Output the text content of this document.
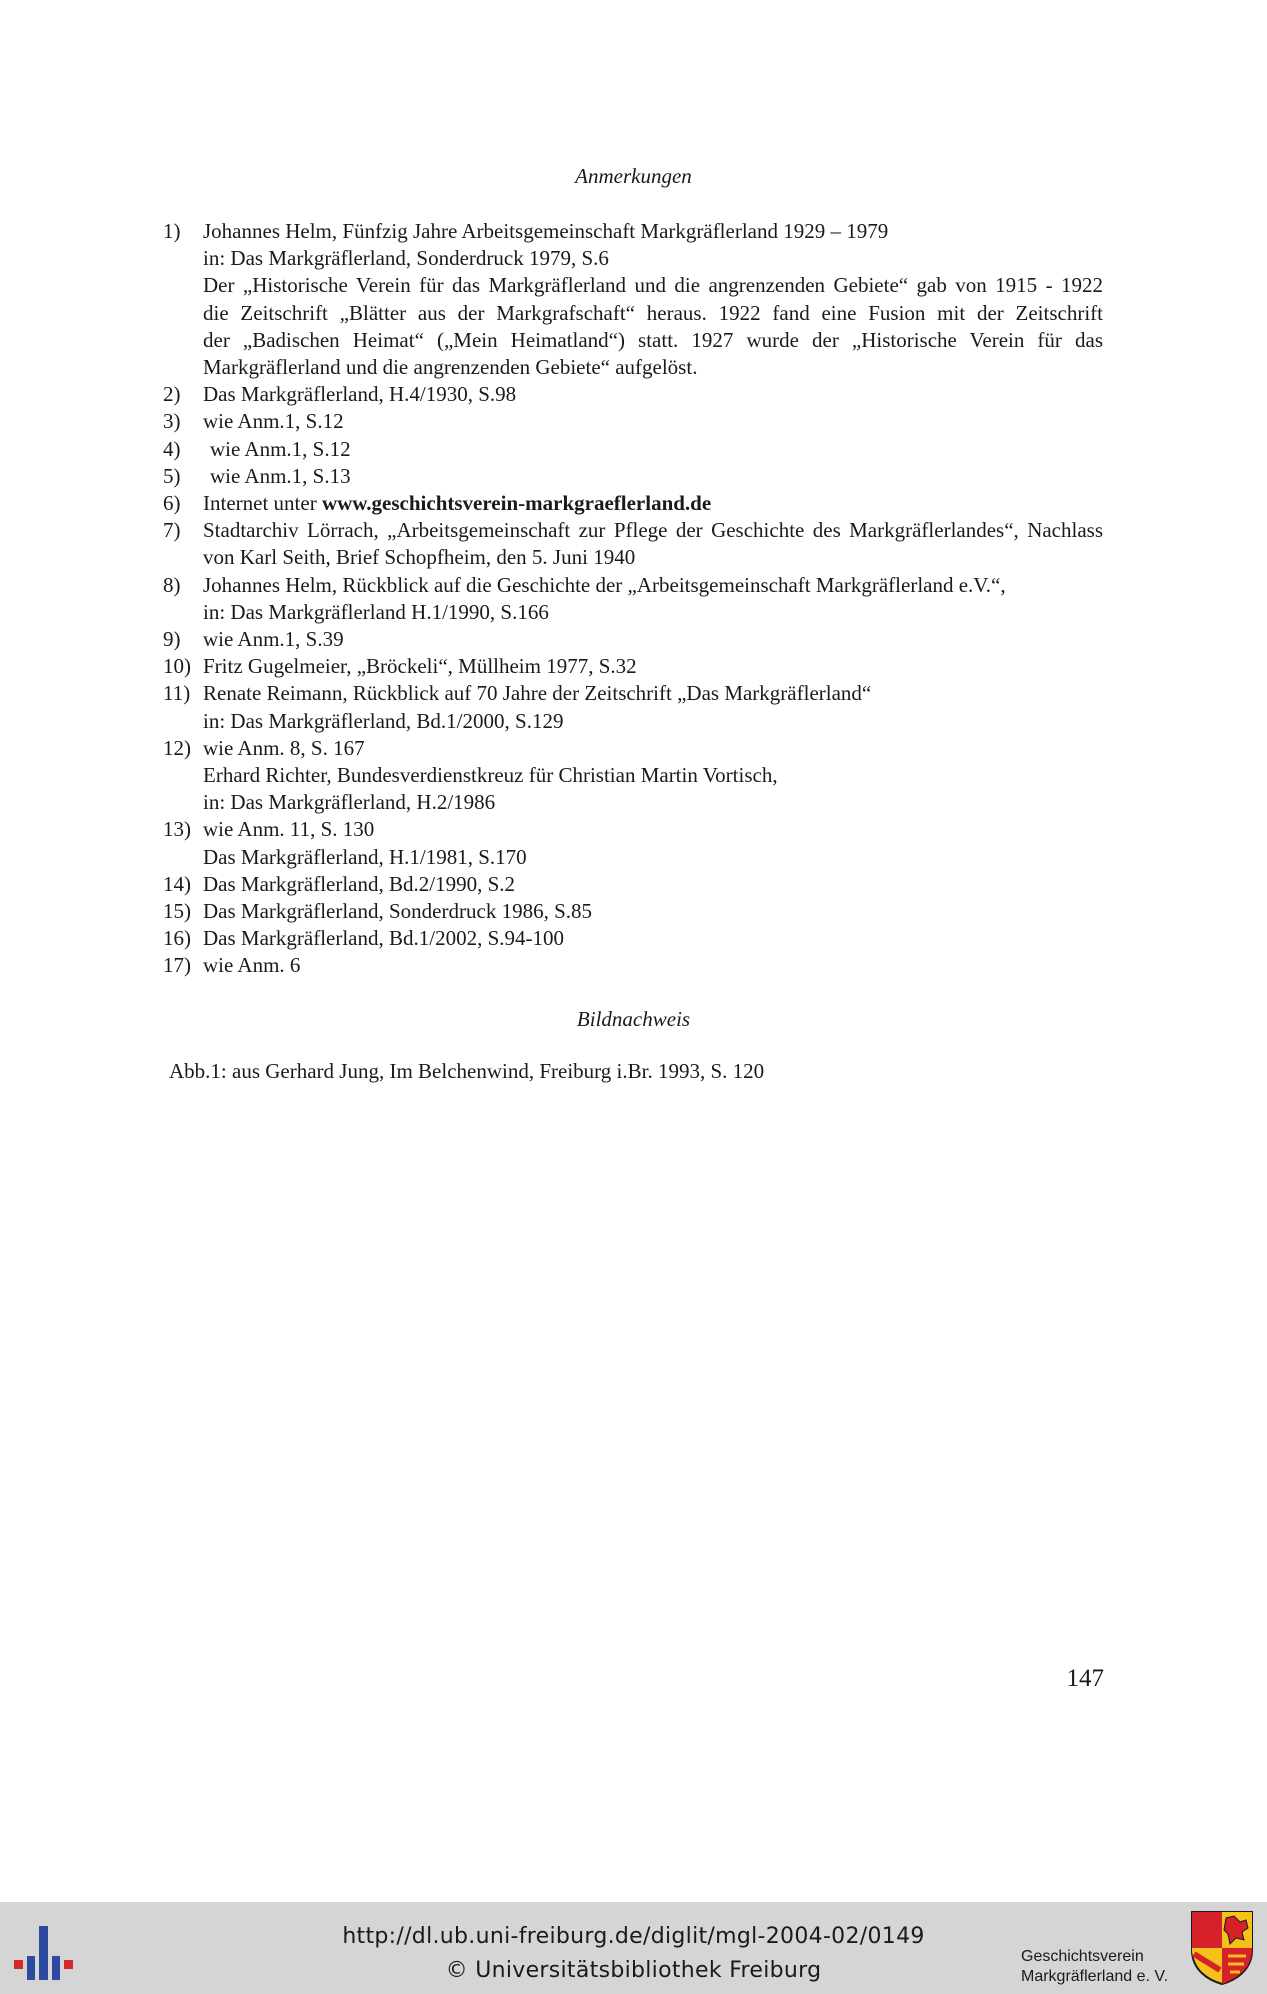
Anmerkungen
1)	Johannes Helm, Fünfzig Jahre Arbeitsgemeinschaft Markgräflerland 1929 – 1979
in: Das Markgräflerland, Sonderdruck 1979, S.6
Der „Historische Verein für das Markgräflerland und die angrenzenden Gebiete“ gab von 1915 - 1922
die Zeitschrift „Blätter aus der Markgrafschaft“ heraus. 1922 fand eine Fusion mit der Zeitschrift
der „Badischen Heimat“ („Mein Heimatland“) statt. 1927 wurde der „Historische Verein für das
Markgräflerland und die angrenzenden Gebiete“ aufgelöst.
2)	Das Markgräflerland, H.4/1930, S.98
3)	wie Anm.1, S.12
4)	wie Anm.1, S.12
5)	wie Anm.1, S.13
6)	Internet unter www.geschichtsverein-markgraeflerland.de
7)	Stadtarchiv Lörrach, „Arbeitsgemeinschaft zur Pflege der Geschichte des Markgräflerlandes“, Nachlass
von Karl Seith, Brief Schopfheim, den 5. Juni 1940
8)	Johannes Helm, Rückblick auf die Geschichte der „Arbeitsgemeinschaft Markgräflerland e.V.“,
in: Das Markgräflerland H.1/1990, S.166
9)	wie Anm.1, S.39
10) Fritz Gugelmeier, „Bröckeli“, Müllheim 1977, S.32
11) Renate Reimann, Rückblick auf 70 Jahre der Zeitschrift „Das Markgräflerland“
in: Das Markgräflerland, Bd.1/2000, S.129
12) wie Anm. 8, S. 167
Erhard Richter, Bundesverdienstkreuz für Christian Martin Vortisch,
in: Das Markgräflerland, H.2/1986
13) wie Anm. 11, S. 130
Das Markgräflerland, H.1/1981, S.170
14) Das Markgräflerland, Bd.2/1990, S.2
15) Das Markgräflerland, Sonderdruck 1986, S.85
16) Das Markgräflerland, Bd.1/2002, S.94-100
17) wie Anm. 6
Bildnachweis
Abb.1: aus Gerhard Jung, Im Belchenwind, Freiburg i.Br. 1993, S. 120
147
http://dl.ub.uni-freiburg.de/diglit/mgl-2004-02/0149
© Universitätsbibliothek Freiburg
Geschichtsverein
Markgräflerland e. V.
